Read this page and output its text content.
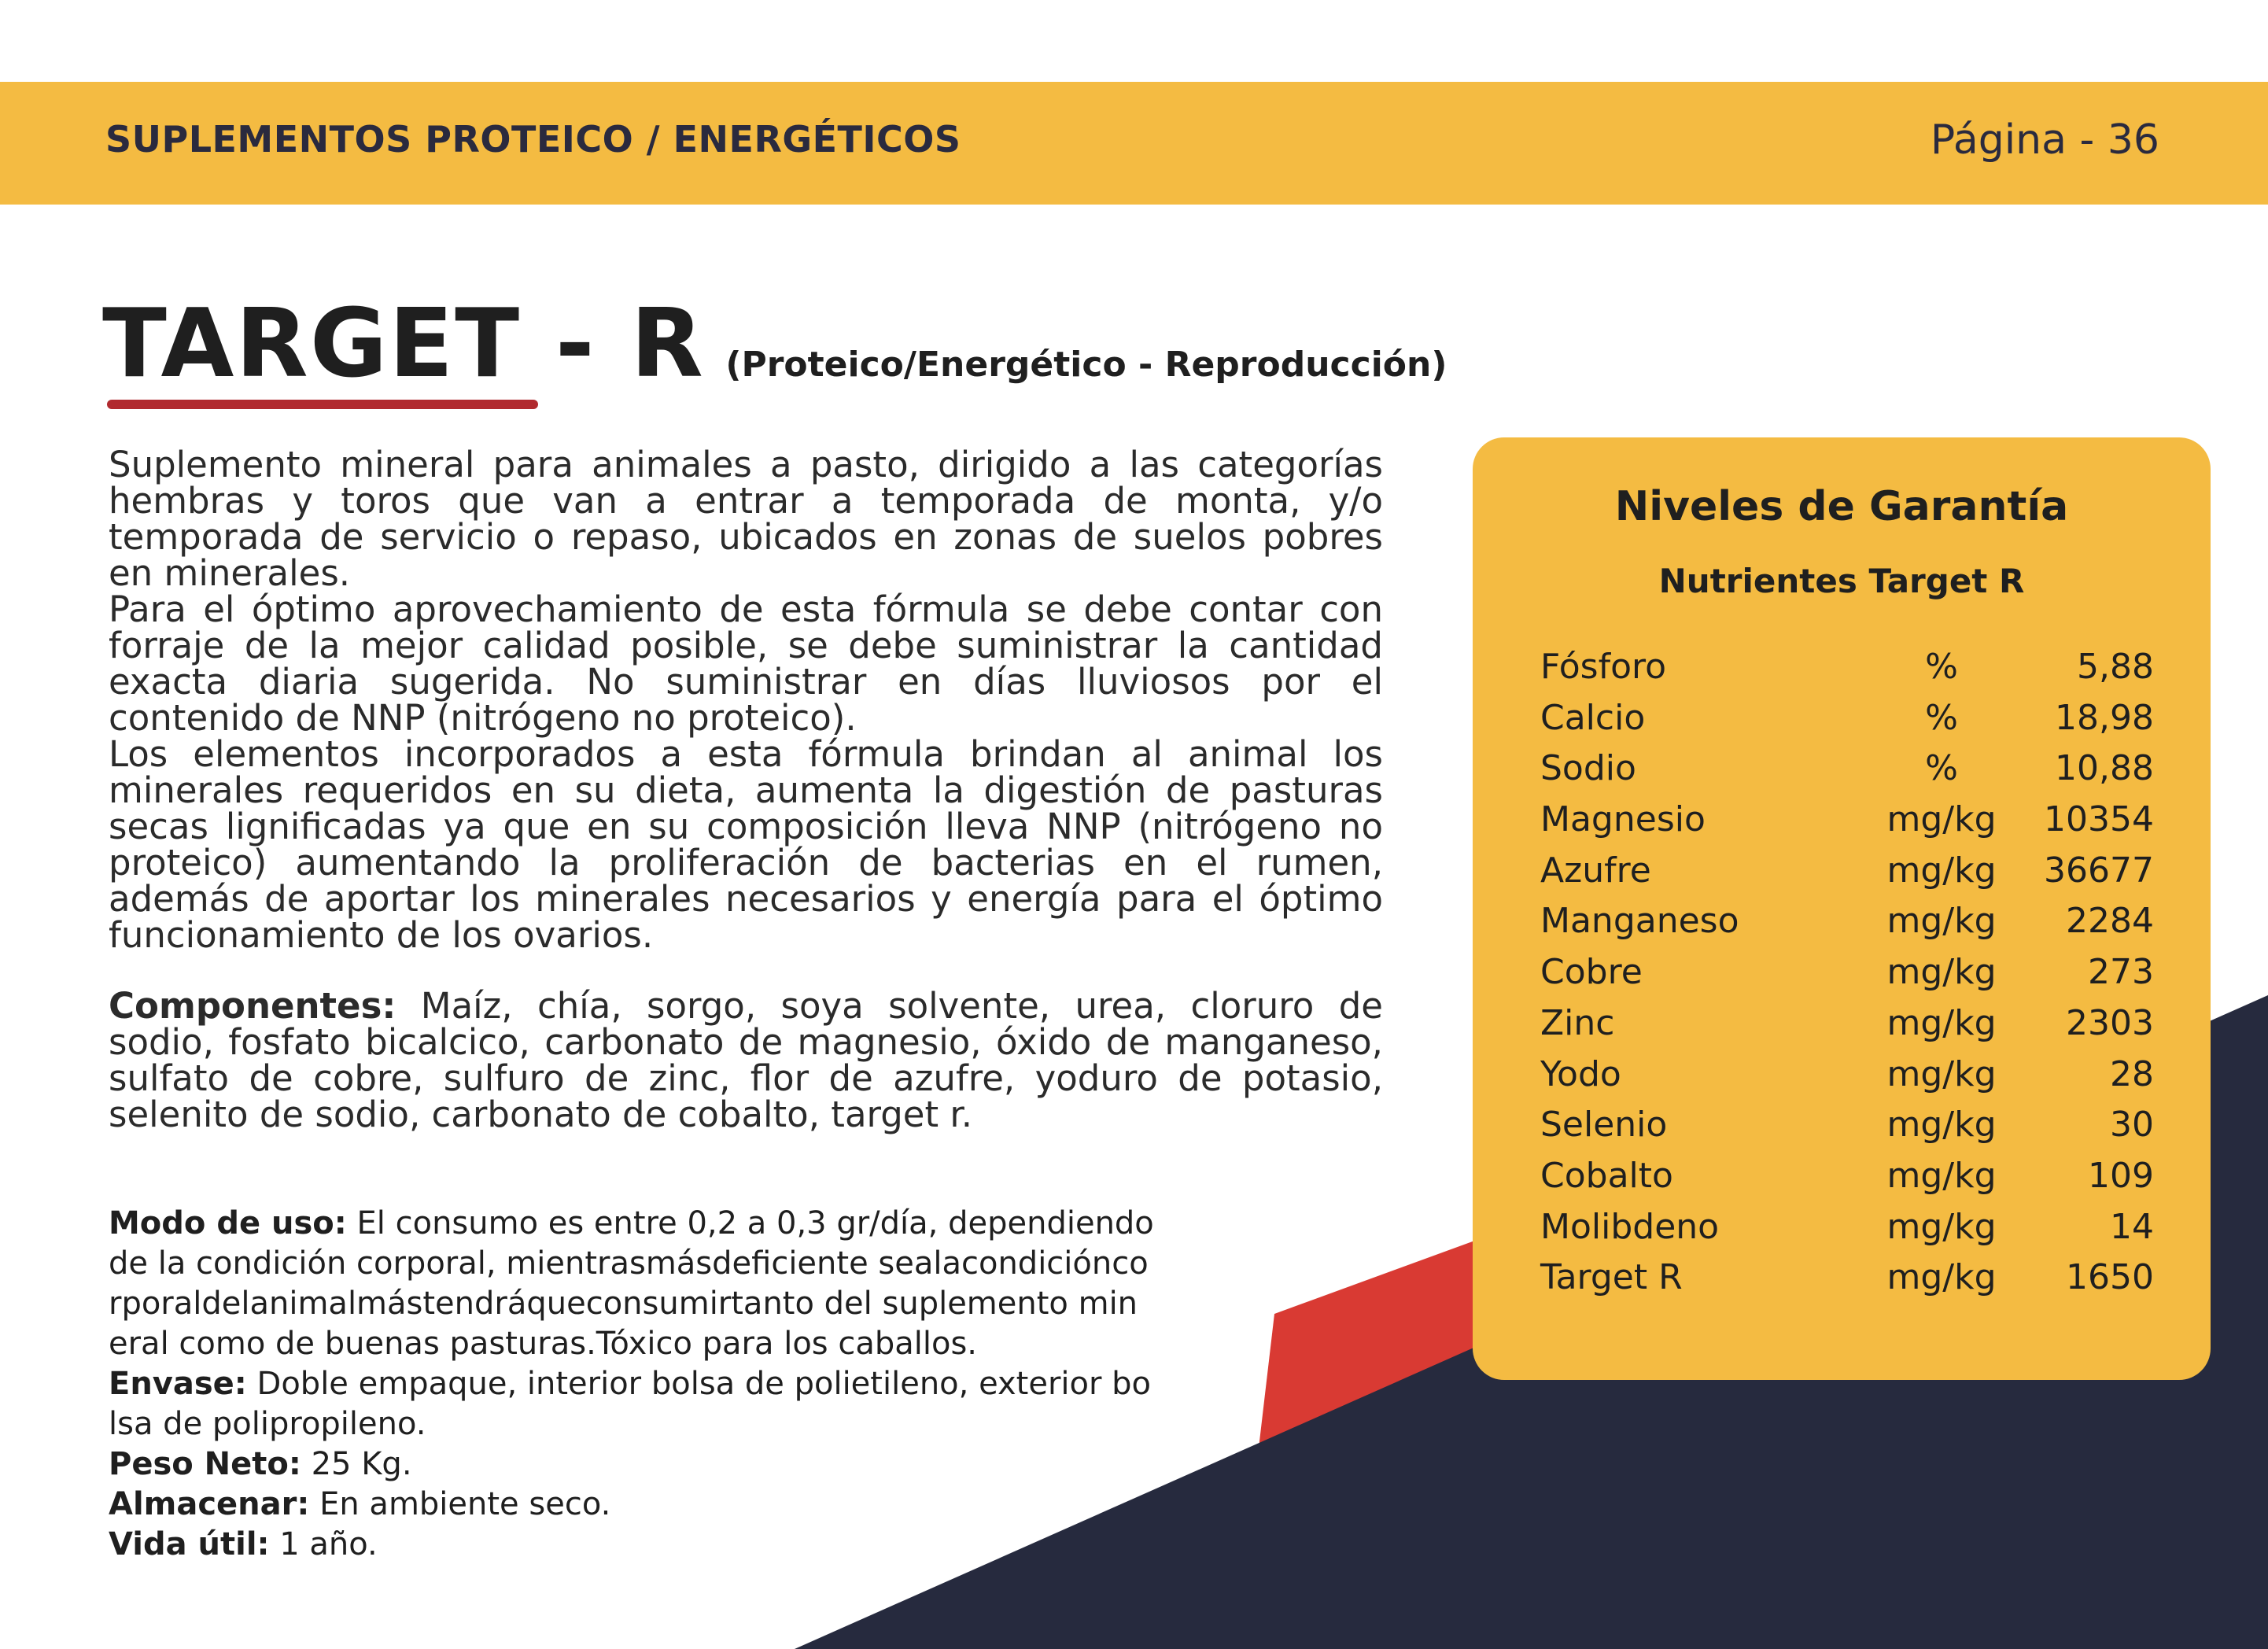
SUPLEMENTOS PROTEICO / ENERGÉTICOS	Página - 36
TARGET - R (Proteico/Energético - Reproducción)

Suplemento mineral para animales a pasto, dirigido a las categorías hembras y toros que van a entrar a temporada de monta, y/o temporada de servicio o repaso, ubicados en zonas de suelos pobres en minerales.

Para el óptimo aprovechamiento de esta fórmula se debe contar con forraje de la mejor calidad posible, se debe suministrar la cantidad exacta diaria sugerida. No suministrar en días lluviosos por el contenido de NNP (nitrógeno no proteico).

Los elementos incorporados a esta fórmula brindan al animal los minerales requeridos en su dieta, aumenta la digestión de pasturas secas lignificadas ya que en su composición lleva NNP (nitrógeno no proteico) aumentando la proliferación de bacterias en el rumen, además de aportar los minerales necesarios y energía para el óptimo funcionamiento de los ovarios.

Componentes: Maíz, chía, sorgo, soya solvente, urea, cloruro de sodio, fosfato bicalcico, carbonato de magnesio, óxido de manganeso, sulfato de cobre, sulfuro de zinc, flor de azufre, yoduro de potasio, selenito de sodio, carbonato de cobalto, target r.

Modo de uso: El consumo es entre 0,2 a 0,3 gr/día, dependiendo de la condición corporal, mientrasmásdeficiente sealacondicióncorporaldelanimalmástendráqueconsumirtanto del suplemento mineral como de buenas pasturas.Tóxico para los caballos.

Envase: Doble empaque, interior bolsa de polietileno, exterior bolsa de polipropileno.

Peso Neto: 25 Kg.

Almacenar: En ambiente seco.

Vida útil: 1 año.

Niveles de Garantía
Nutrientes Target R
Fósforo	%	5,88
Calcio	%	18,98
Sodio	%	10,88
Magnesio	mg/kg 10354
Azufre	mg/kg 36677
Manganeso	mg/kg 2284
Cobre	mg/kg	273
Zinc	mg/kg 2303
Yodo	mg/kg	28
Selenio	mg/kg	30
Cobalto	mg/kg	109
Molibdeno	mg/kg	14
Target R	mg/kg 1650
